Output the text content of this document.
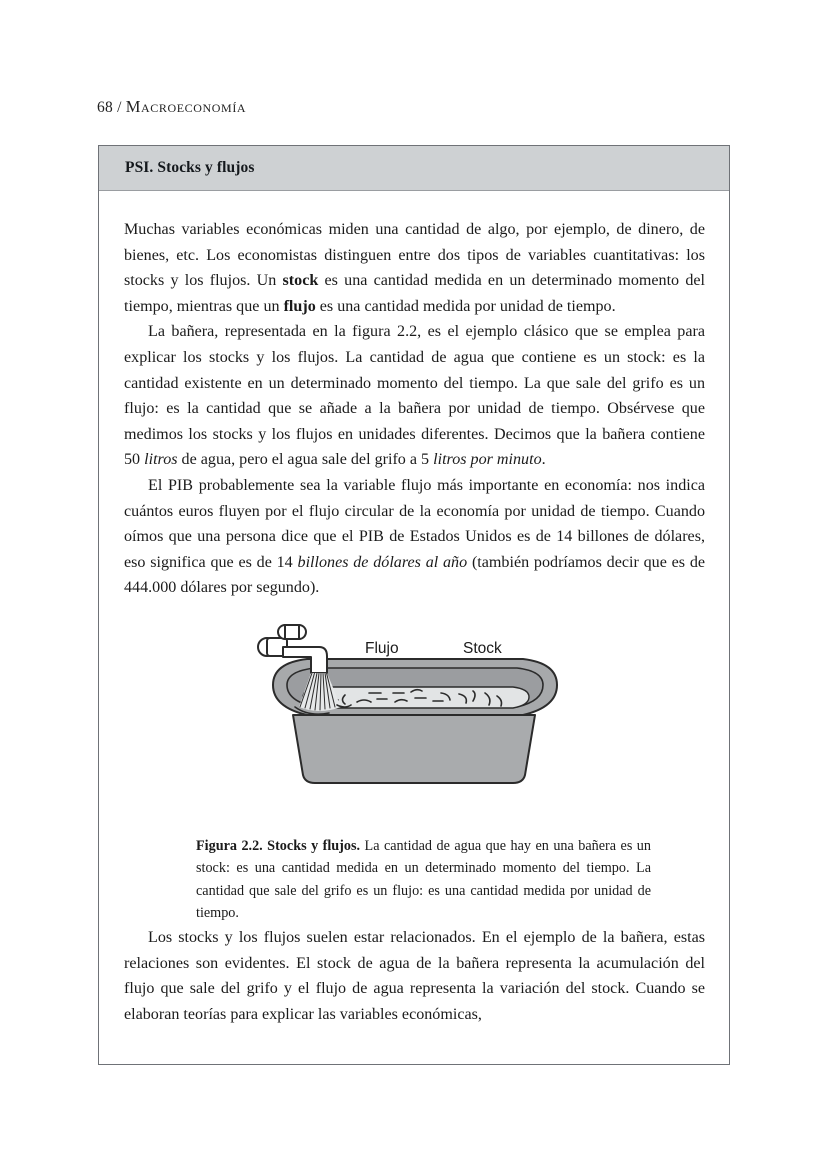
68 / Macroeconomía
PSI. Stocks y flujos

Muchas variables económicas miden una cantidad de algo, por ejemplo, de dinero, de bienes, etc. Los economistas distinguen entre dos tipos de variables cuantitativas: los stocks y los flujos. Un stock es una cantidad medida en un determinado momento del tiempo, mientras que un flujo es una cantidad medida por unidad de tiempo.

La bañera, representada en la figura 2.2, es el ejemplo clásico que se emplea para explicar los stocks y los flujos. La cantidad de agua que contiene es un stock: es la cantidad existente en un determinado momento del tiempo. La que sale del grifo es un flujo: es la cantidad que se añade a la bañera por unidad de tiempo. Obsérvese que medimos los stocks y los flujos en unidades diferentes. Decimos que la bañera contiene 50 litros de agua, pero el agua sale del grifo a 5 litros por minuto.

El PIB probablemente sea la variable flujo más importante en economía: nos indica cuántos euros fluyen por el flujo circular de la economía por unidad de tiempo. Cuando oímos que una persona dice que el PIB de Estados Unidos es de 14 billones de dólares, eso significa que es de 14 billones de dólares al año (también podríamos decir que es de 444.000 dólares por segundo).

Flujo	Stock

Figura 2.2. Stocks y flujos. La cantidad de agua que hay en una bañera es un stock: es una cantidad medida en un determinado momento del tiempo. La cantidad que sale del grifo es un flujo: es una cantidad medida por unidad de tiempo.

Los stocks y los flujos suelen estar relacionados. En el ejemplo de la bañera, estas relaciones son evidentes. El stock de agua de la bañera representa la acumulación del flujo que sale del grifo y el flujo de agua representa la variación del stock. Cuando se elaboran teorías para explicar las variables económicas,
